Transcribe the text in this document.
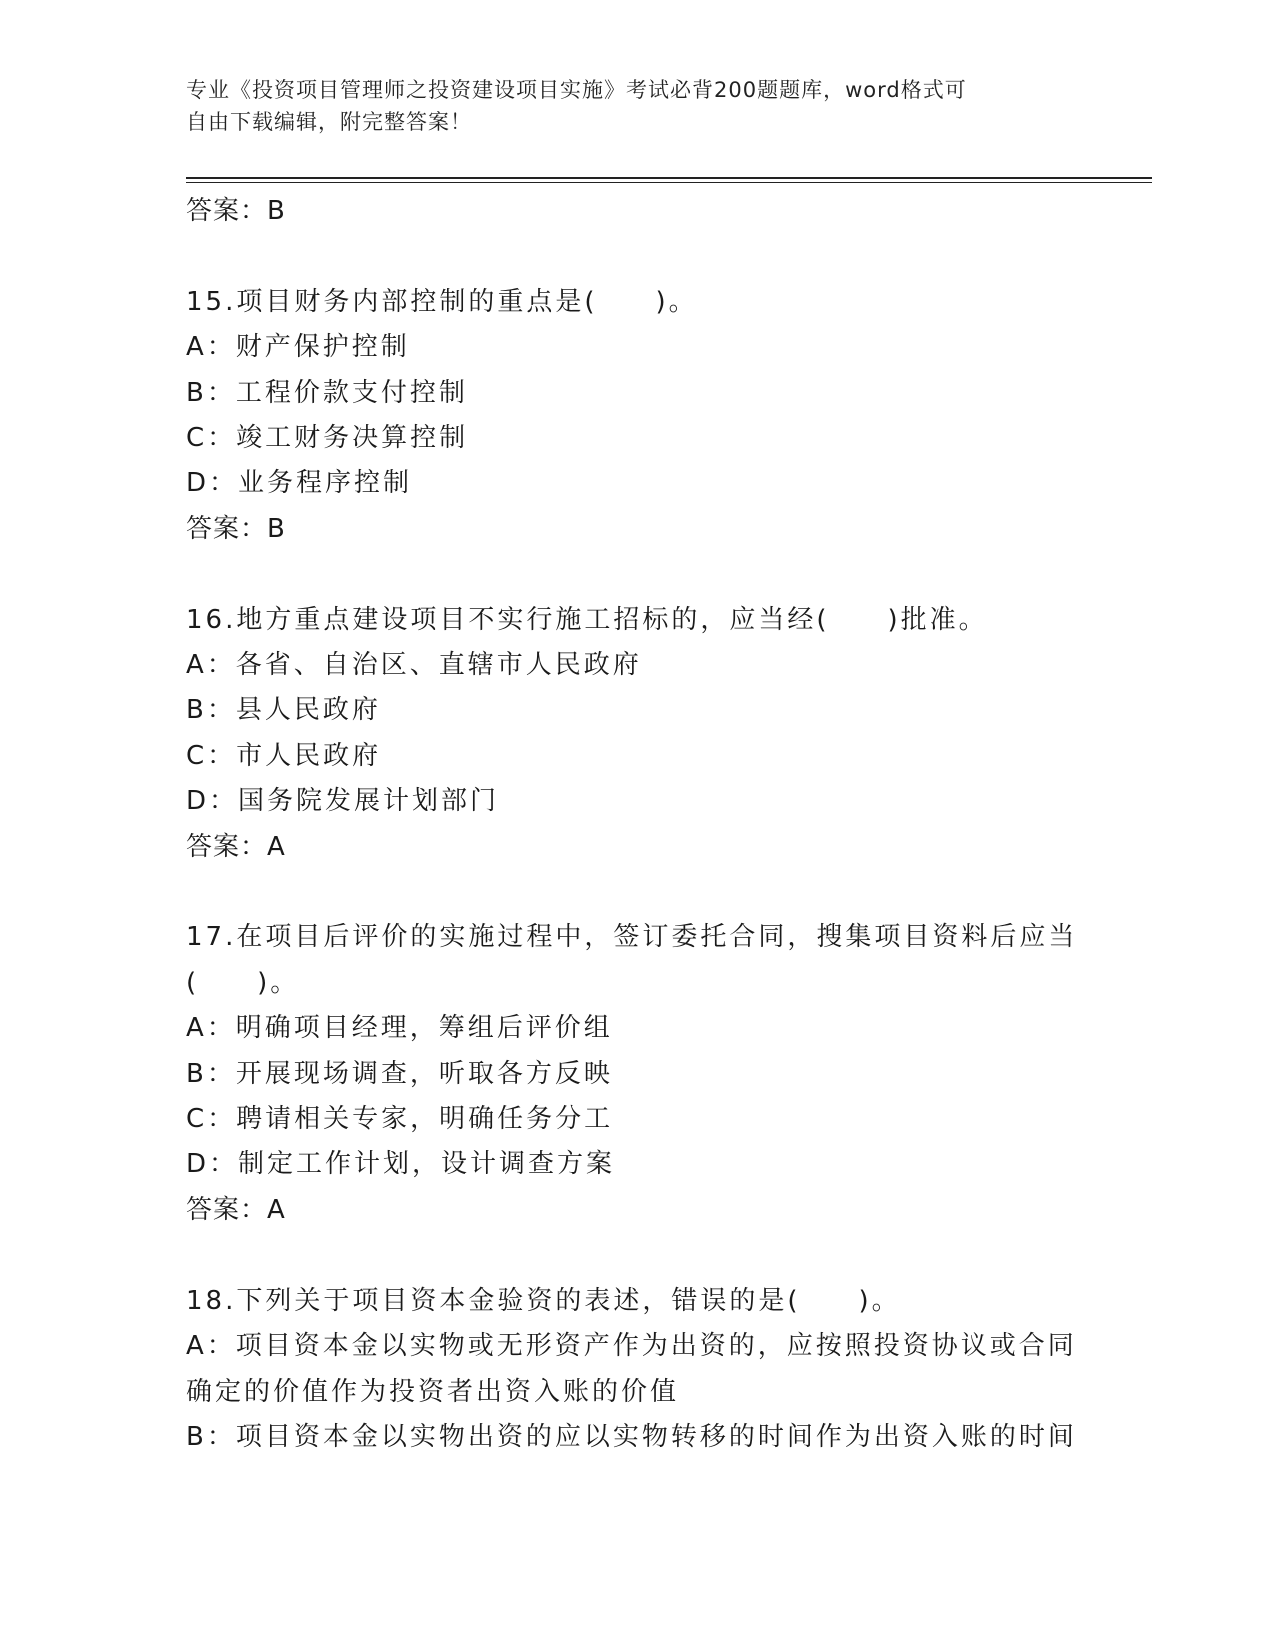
专业《投资项目管理师之投资建设项目实施》考试必背200题题库，word格式可
自由下载编辑，附完整答案！
答案：B
15.项目财务内部控制的重点是(　　)。
A：财产保护控制
B：工程价款支付控制
C：竣工财务决算控制
D：业务程序控制
答案：B
16.地方重点建设项目不实行施工招标的，应当经(　　)批准。
A：各省、自治区、直辖市人民政府
B：县人民政府
C：市人民政府
D：国务院发展计划部门
答案：A
17.在项目后评价的实施过程中，签订委托合同，搜集项目资料后应当
(　　)。
A：明确项目经理，筹组后评价组
B：开展现场调查，听取各方反映
C：聘请相关专家，明确任务分工
D：制定工作计划，设计调查方案
答案：A
18.下列关于项目资本金验资的表述，错误的是(　　)。
A：项目资本金以实物或无形资产作为出资的，应按照投资协议或合同
确定的价值作为投资者出资入账的价值
B：项目资本金以实物出资的应以实物转移的时间作为出资入账的时间
